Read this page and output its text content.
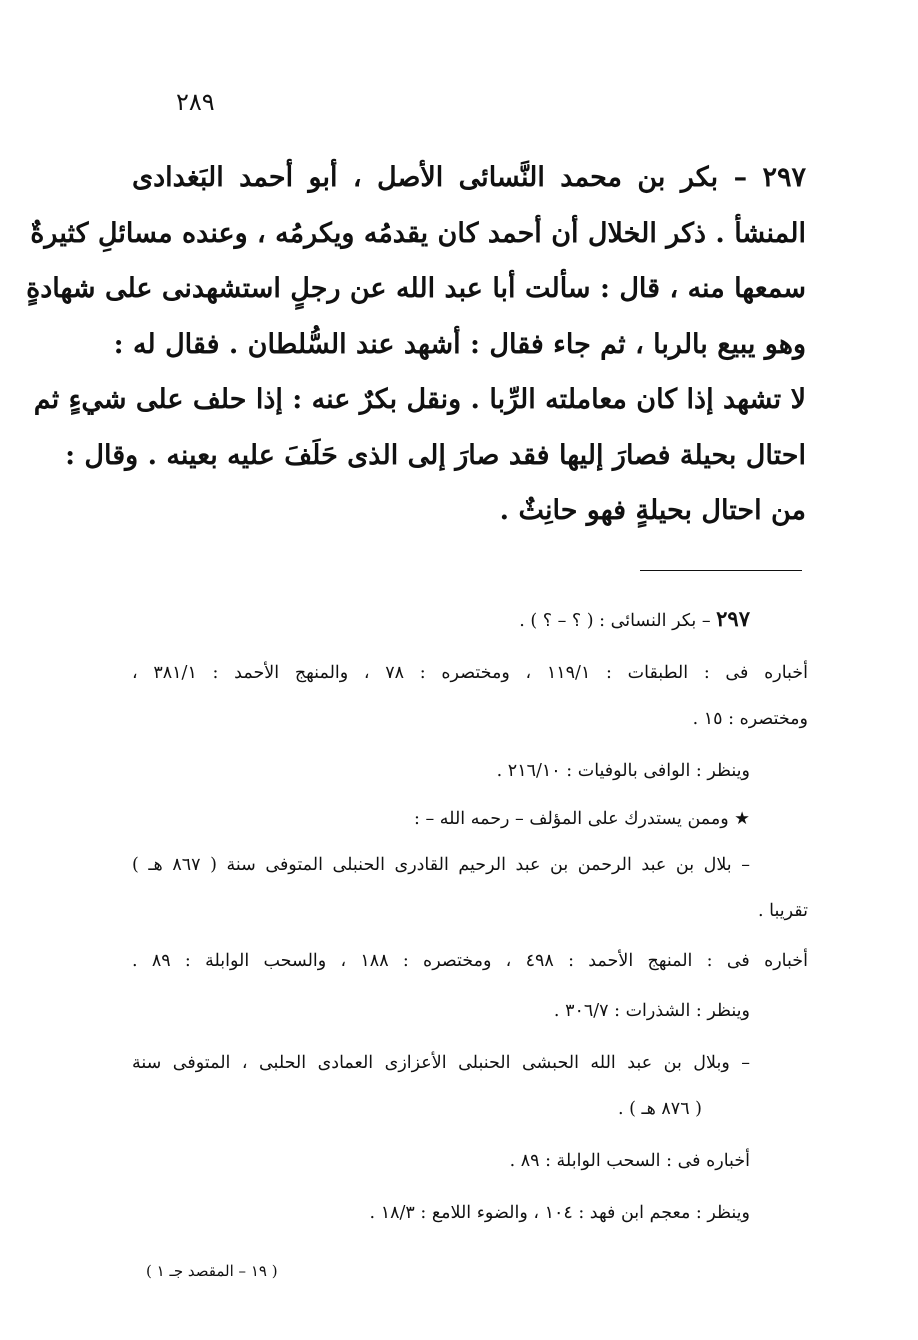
٢٨٩
٢٩٧ – بكر بن محمد النَّسائى الأصل ، أبو أحمد البَغدادى
المنشأ . ذكر الخلال أن أحمد كان يقدمُه ويكرمُه ، وعنده مسائلِ كثيرةٌ
سمعها منه ، قال : سألت أبا عبد الله عن رجلٍ استشهدنى على شهادةٍ
وهو يبيع بالربا ، ثم جاء فقال : أشهد عند السُّلطان . فقال له :
لا تشهد إذا كان معاملته الرِّبا . ونقل بكرٌ عنه : إذا حلف على شيءٍ ثم
احتال بحيلة فصارَ إليها فقد صارَ إلى الذى حَلَفَ عليه بعينه . وقال :
من احتال بحيلةٍ فهو حانِثٌ .
٢٩٧ – بكر النسائى : ( ؟ – ؟ ) .
أخباره فى : الطبقات : ١١٩/١ ، ومختصره : ٧٨ ، والمنهج الأحمد : ٣٨١/١ ،
ومختصره : ١٥ .
وينظر : الوافى بالوفيات : ٢١٦/١٠ .
★ وممن يستدرك على المؤلف – رحمه الله – :
– بلال بن عبد الرحمن بن عبد الرحيم القادرى الحنبلى المتوفى سنة ( ٨٦٧ هـ )
تقريبا .
أخباره فى : المنهج الأحمد : ٤٩٨ ، ومختصره : ١٨٨ ، والسحب الوابلة : ٨٩ .
وينظر : الشذرات : ٣٠٦/٧ .
– وبلال بن عبد الله الحبشى الحنبلى الأعزازى العمادى الحلبى ، المتوفى سنة
( ٨٧٦ هـ ) .
أخباره فى : السحب الوابلة : ٨٩ .
وينظر : معجم ابن فهد : ١٠٤ ، والضوء اللامع : ١٨/٣ .
( ١٩ – المقصد جـ ١ )
